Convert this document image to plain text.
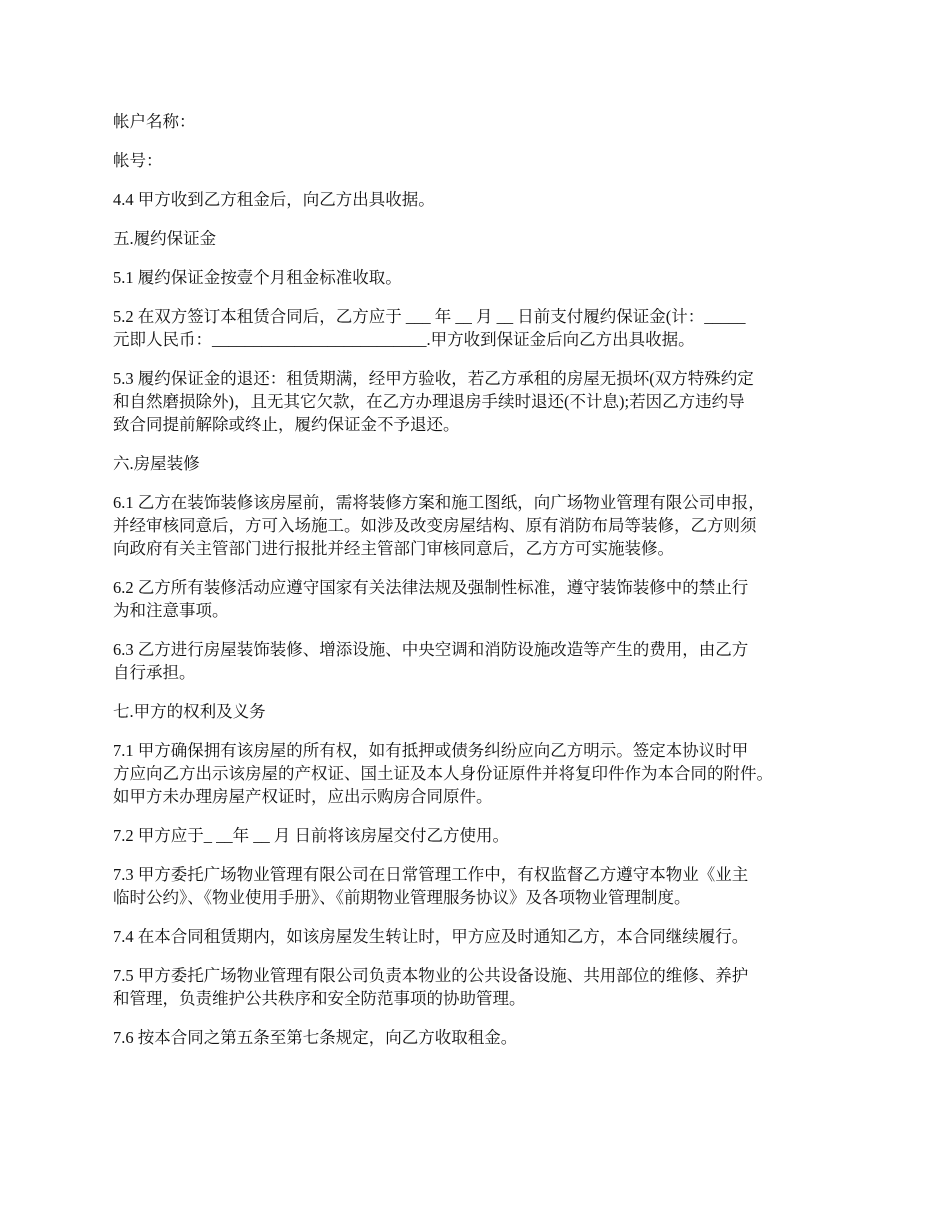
帐户名称：

帐号：

4.4 甲方收到乙方租金后，向乙方出具收据。

五.履约保证金

5.1 履约保证金按壹个月租金标准收取。

5.2 在双方签订本租赁合同后，乙方应于 ___ 年 __ 月 __ 日前支付履约保证金(计：_____
元即人民币：__________________________.甲方收到保证金后向乙方出具收据。

5.3 履约保证金的退还：租赁期满，经甲方验收，若乙方承租的房屋无损坏(双方特殊约定
和自然磨损除外)，且无其它欠款，在乙方办理退房手续时退还(不计息);若因乙方违约导
致合同提前解除或终止，履约保证金不予退还。

六.房屋装修

6.1 乙方在装饰装修该房屋前，需将装修方案和施工图纸，向广场物业管理有限公司申报，
并经审核同意后，方可入场施工。如涉及改变房屋结构、原有消防布局等装修，乙方则须
向政府有关主管部门进行报批并经主管部门审核同意后，乙方方可实施装修。

6.2 乙方所有装修活动应遵守国家有关法律法规及强制性标准，遵守装饰装修中的禁止行
为和注意事项。

6.3 乙方进行房屋装饰装修、增添设施、中央空调和消防设施改造等产生的费用，由乙方
自行承担。

七.甲方的权利及义务

7.1 甲方确保拥有该房屋的所有权，如有抵押或债务纠纷应向乙方明示。签定本协议时甲
方应向乙方出示该房屋的产权证、国土证及本人身份证原件并将复印件作为本合同的附件。
如甲方未办理房屋产权证时，应出示购房合同原件。

7.2 甲方应于_ __年 __ 月 日前将该房屋交付乙方使用。

7.3 甲方委托广场物业管理有限公司在日常管理工作中，有权监督乙方遵守本物业《业主
临时公约》、《物业使用手册》、《前期物业管理服务协议》及各项物业管理制度。

7.4 在本合同租赁期内，如该房屋发生转让时，甲方应及时通知乙方，本合同继续履行。

7.5 甲方委托广场物业管理有限公司负责本物业的公共设备设施、共用部位的维修、养护
和管理，负责维护公共秩序和安全防范事项的协助管理。

7.6 按本合同之第五条至第七条规定，向乙方收取租金。
